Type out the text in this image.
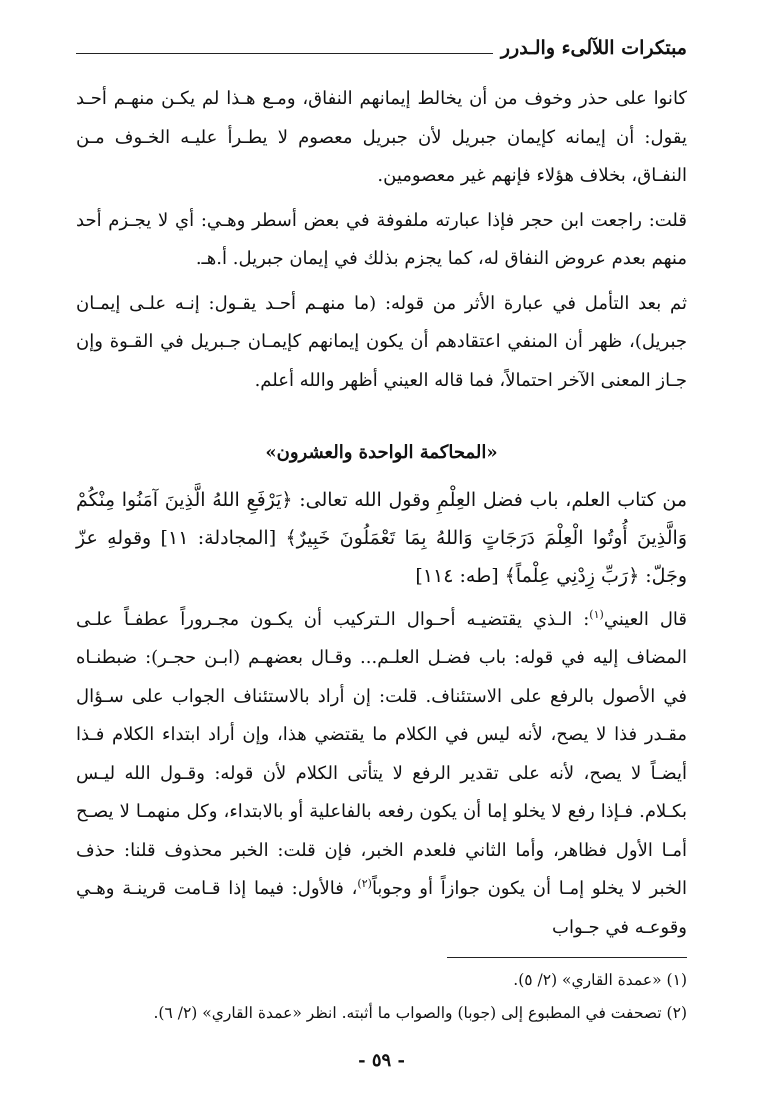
مبتكرات اللآلىء والـدرر

كانوا على حذر وخوف من أن يخالط إيمانهم النفاق، ومـع هـذا لم يكـن منهـم أحـد يقول: أن إيمانه كإيمان جبريل لأن جبريل معصوم لا يطـرأ عليـه الخـوف مـن النفـاق، بخلاف هؤلاء فإنهم غير معصومين.

قلت: راجعت ابن حجر فإذا عبارته ملفوفة في بعض أسطر وهـي: أي لا يجـزم أحد منهم بعدم عروض النفاق له، كما يجزم بذلك في إيمان جبريل. أ.هـ.

ثم بعد التأمل في عبارة الأثر من قوله: (ما منهـم أحـد يقـول: إنـه علـى إيمـان جبريل)، ظهر أن المنفي اعتقادهم أن يكون إيمانهم كإيمـان جـبريل في القـوة وإن جـاز المعنى الآخر احتمالاً، فما قاله العيني أظهر والله أعلم.

«المحاكمة الواحدة والعشرون»

من كتاب العلم، باب فضل العِلْمِ وقول الله تعالى: ﴿يَرْفَعِ اللهُ الَّذِينَ آمَنُوا مِنْكُمْ وَالَّذِينَ أُوتُوا الْعِلْمَ دَرَجَاتٍ وَاللهُ بِمَا تَعْمَلُونَ خَبِيرٌ﴾ [المجادلة: ١١] وقولهِ عزّ وجَلّ: ﴿رَبِّ زِدْنِي عِلْماً﴾ [طه: ١١٤]

قال العيني$^{(١)}$: الـذي يقتضيـه أحـوال الـتركيب أن يكـون مجـروراً عطفـاً علـى المضاف إليه في قوله: باب فضـل العلـم... وقـال بعضهـم (ابـن حجـر): ضبطنـاه في الأصول بالرفع على الاستئناف. قلت: إن أراد بالاستئناف الجواب على سـؤال مقـدر فذا لا يصح، لأنه ليس في الكلام ما يقتضي هذا، وإن أراد ابتداء الكلام فـذا أيضـاً لا يصح، لأنه على تقدير الرفع لا يتأتى الكلام لأن قوله: وقـول الله ليـس بكـلام. فـإذا رفع لا يخلو إما أن يكون رفعه بالفاعلية أو بالابتداء، وكل منهمـا لا يصـح أمـا الأول فظاهر، وأما الثاني فلعدم الخبر، فإن قلت: الخبر محذوف قلنا: حذف الخبر لا يخلو إمـا أن يكون جوازاً أو وجوباً$^{(٢)}$، فالأول: فيما إذا قـامت قرينـة وهـي وقوعـه في جـواب

(١) «عمدة القاري» (٢/ ٥).
(٢) تصحفت في المطبوع إلى (جوبا) والصواب ما أثبته. انظر «عمدة القاري» (٢/ ٦).
- ٥٩ -
